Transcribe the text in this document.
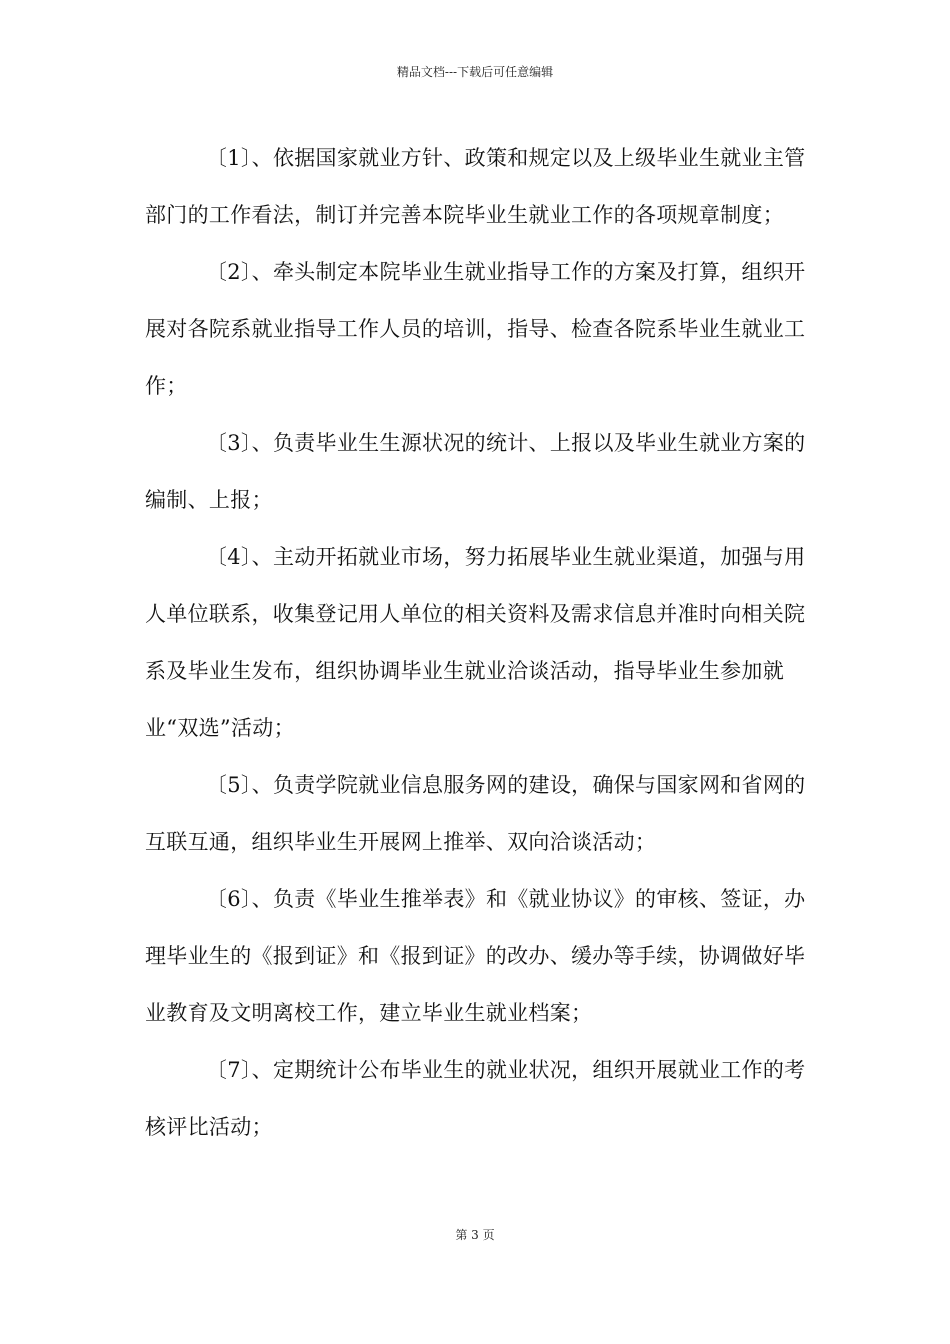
精品文档---下载后可任意编辑

〔1〕、依据国家就业方针、政策和规定以及上级毕业生就业主管部门的工作看法，制订并完善本院毕业生就业工作的各项规章制度；

〔2〕、牵头制定本院毕业生就业指导工作的方案及打算，组织开展对各院系就业指导工作人员的培训，指导、检查各院系毕业生就业工作；

〔3〕、负责毕业生生源状况的统计、上报以及毕业生就业方案的编制、上报；

〔4〕、主动开拓就业市场，努力拓展毕业生就业渠道，加强与用人单位联系，收集登记用人单位的相关资料及需求信息并准时向相关院系及毕业生发布，组织协调毕业生就业洽谈活动，指导毕业生参加就业“双选”活动；

〔5〕、负责学院就业信息服务网的建设，确保与国家网和省网的互联互通，组织毕业生开展网上推举、双向洽谈活动；

〔6〕、负责《毕业生推举表》和《就业协议》的审核、签证，办理毕业生的《报到证》和《报到证》的改办、缓办等手续，协调做好毕业教育及文明离校工作，建立毕业生就业档案；

〔7〕、定期统计公布毕业生的就业状况，组织开展就业工作的考核评比活动；

第 3 页
